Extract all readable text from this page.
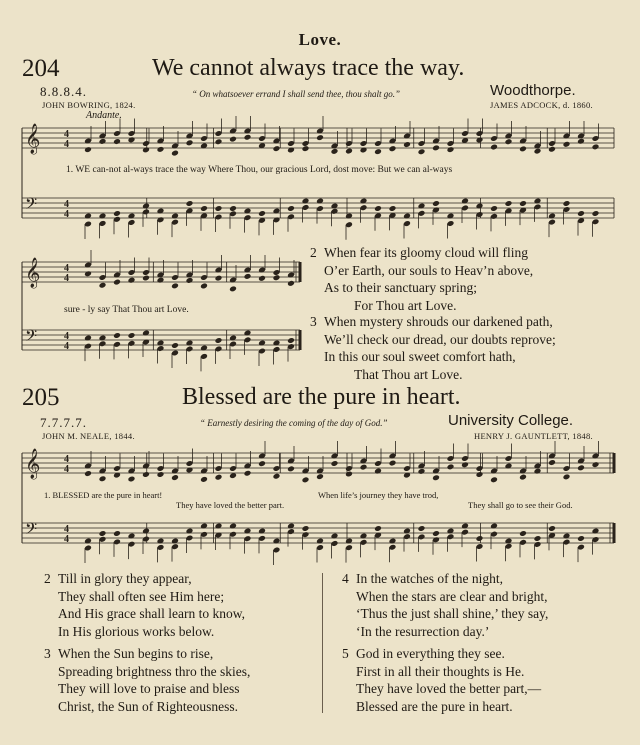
𝄞
𝄢
4
4
4
4
𝄞
𝄢
4
4
4
4
𝄞
𝄢
4
4
4
4
Love.
204	We cannot always trace the way.
8.8.8.4.	“ On whatsoever errand I shall send thee, thou shalt go.”	Woodthorpe.
JOHN BOWRING, 1824.	JAMES ADCOCK, d. 1860.
Andante.
1. WE can-not al-ways trace the way Where Thou, our gracious Lord, dost move: But we can al-ways
sure - ly say That Thou art Love.
2 When fear its gloomy cloud will fling
O’er Earth, our souls to Heav’n above,
As to their sanctuary spring;
For Thou art Love.
3 When mystery shrouds our darkened path,
We’ll check our dread, our doubts reprove;
In this our soul sweet comfort hath,
That Thou art Love.
205	Blessed are the pure in heart.
7.7.7.7.	“ Earnestly desiring the coming of the day of God.”	University College.
JOHN M. NEALE, 1844.	HENRY J. GAUNTLETT, 1848.
1. BLESSED are the pure in heart!
They have loved the better part.
When life’s journey they have trod,
They shall go to see their God.
2 Till in glory they appear,
They shall often see Him here;
And His grace shall learn to know,
In His glorious works below.
3 When the Sun begins to rise,
Spreading brightness thro the skies,
They will love to praise and bless
Christ, the Sun of Righteousness.
4 In the watches of the night,
When the stars are clear and bright,
‘Thus the just shall shine,’ they say,
‘In the resurrection day.’
5 God in everything they see.
First in all their thoughts is He.
They have loved the better part,—
Blessed are the pure in heart.
